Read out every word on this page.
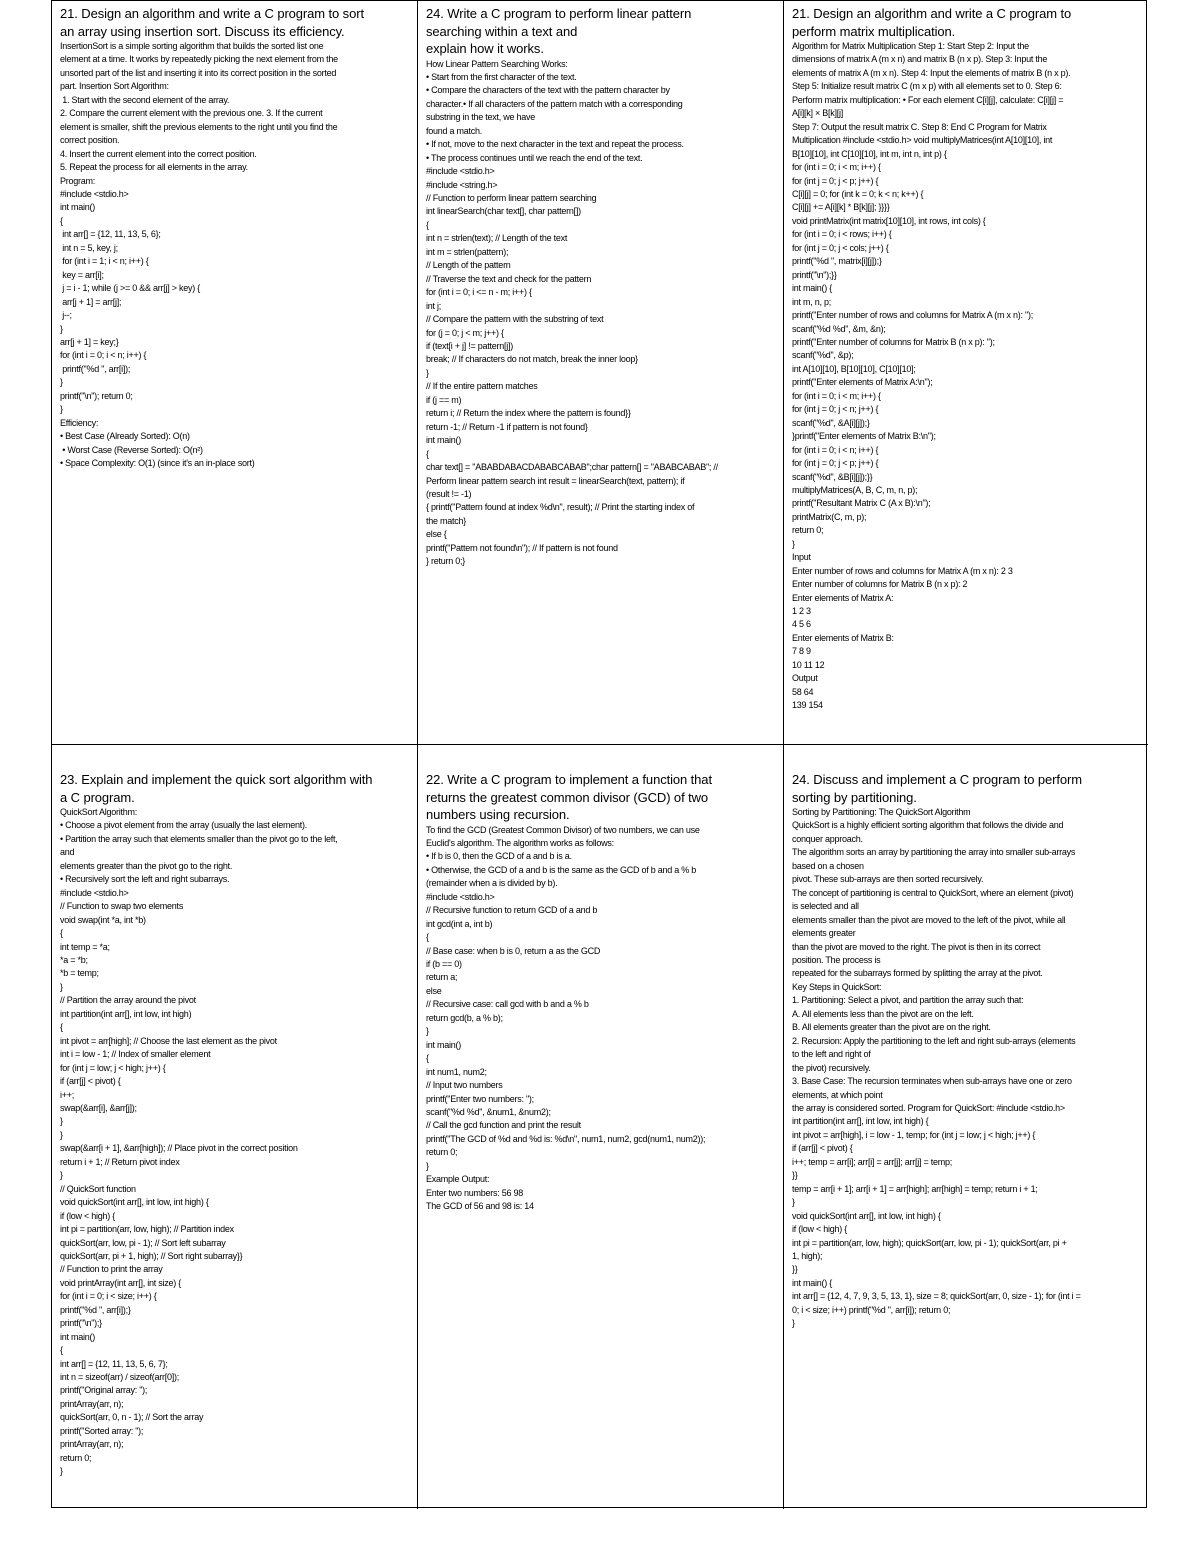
21. Design an algorithm and write a C program to sort
an array using insertion sort. Discuss its efficiency.
InsertionSort is a simple sorting algorithm that builds the sorted list one
element at a time. It works by repeatedly picking the next element from the
unsorted part of the list and inserting it into its correct position in the sorted
part. Insertion Sort Algorithm:
1. Start with the second element of the array.
2. Compare the current element with the previous one. 3. If the current
element is smaller, shift the previous elements to the right until you find the
correct position.
4. Insert the current element into the correct position.
5. Repeat the process for all elements in the array.
Program:
#include <stdio.h>
int main()
{
int arr[] = {12, 11, 13, 5, 6};
int n = 5, key, j;
for (int i = 1; i < n; i++) {
key = arr[i];
j = i - 1; while (j >= 0 && arr[j] > key) {
arr[j + 1] = arr[j];
j--;
}
arr[j + 1] = key;}
for (int i = 0; i < n; i++) {
printf("%d ", arr[i]);
}
printf("\n"); return 0;
}
Efficiency:
• Best Case (Already Sorted): O(n)
• Worst Case (Reverse Sorted): O(n²)
• Space Complexity: O(1) (since it's an in-place sort)
24. Write a C program to perform linear pattern
searching within a text and
explain how it works.
How Linear Pattern Searching Works:
• Start from the first character of the text.
• Compare the characters of the text with the pattern character by
character.• If all characters of the pattern match with a corresponding
substring in the text, we have
found a match.
• If not, move to the next character in the text and repeat the process.
• The process continues until we reach the end of the text.
#include <stdio.h>
#include <string.h>
// Function to perform linear pattern searching
int linearSearch(char text[], char pattern[])
{
int n = strlen(text); // Length of the text
int m = strlen(pattern);
// Length of the pattern
// Traverse the text and check for the pattern
for (int i = 0; i <= n - m; i++) {
int j;
// Compare the pattern with the substring of text
for (j = 0; j < m; j++) {
if (text[i + j] != pattern[j])
break; // If characters do not match, break the inner loop}
}
// If the entire pattern matches
if (j == m)
return i; // Return the index where the pattern is found}}
return -1; // Return -1 if pattern is not found}
int main()
{
char text[] = "ABABDABACDABABCABAB";char pattern[] = "ABABCABAB"; //
Perform linear pattern search int result = linearSearch(text, pattern); if
(result != -1)
{ printf("Pattern found at index %d\n", result); // Print the starting index of
the match}
else {
printf("Pattern not found\n"); // If pattern is not found
} return 0;}
21. Design an algorithm and write a C program to
perform matrix multiplication.
Algorithm for Matrix Multiplication Step 1: Start Step 2: Input the
dimensions of matrix A (m x n) and matrix B (n x p). Step 3: Input the
elements of matrix A (m x n). Step 4: Input the elements of matrix B (n x p).
Step 5: Initialize result matrix C (m x p) with all elements set to 0. Step 6:
Perform matrix multiplication: • For each element C[i][j], calculate: C[i][j] =
A[i][k] × B[k][j]
Step 7: Output the result matrix C. Step 8: End C Program for Matrix
Multiplication #include <stdio.h> void multiplyMatrices(int A[10][10], int
B[10][10], int C[10][10], int m, int n, int p) {
for (int i = 0; i < m; i++) {
for (int j = 0; j < p; j++) {
C[i][j] = 0; for (int k = 0; k < n; k++) {
C[i][j] += A[i][k] * B[k][j]; }}}}
void printMatrix(int matrix[10][10], int rows, int cols) {
for (int i = 0; i < rows; i++) {
for (int j = 0; j < cols; j++) {
printf("%d ", matrix[i][j]);}
printf("\n");}}
int main() {
int m, n, p;
printf("Enter number of rows and columns for Matrix A (m x n): ");
scanf("%d %d", &m, &n);
printf("Enter number of columns for Matrix B (n x p): ");
scanf("%d", &p);
int A[10][10], B[10][10], C[10][10];
printf("Enter elements of Matrix A:\n");
for (int i = 0; i < m; i++) {
for (int j = 0; j < n; j++) {
scanf("%d", &A[i][j]);}
}printf("Enter elements of Matrix B:\n");
for (int i = 0; i < n; i++) {
for (int j = 0; j < p; j++) {
scanf("%d", &B[i][j]);}}
multiplyMatrices(A, B, C, m, n, p);
printf("Resultant Matrix C (A x B):\n");
printMatrix(C, m, p);
return 0;
}
Input
Enter number of rows and columns for Matrix A (m x n): 2 3
Enter number of columns for Matrix B (n x p): 2
Enter elements of Matrix A:
1 2 3
4 5 6
Enter elements of Matrix B:
7 8 9
10 11 12
Output
58 64
139 154
23. Explain and implement the quick sort algorithm with
a C program.
QuickSort Algorithm:
• Choose a pivot element from the array (usually the last element).
• Partition the array such that elements smaller than the pivot go to the left,
and
elements greater than the pivot go to the right.
• Recursively sort the left and right subarrays.
#include <stdio.h>
// Function to swap two elements
void swap(int *a, int *b)
{
int temp = *a;
*a = *b;
*b = temp;
}
// Partition the array around the pivot
int partition(int arr[], int low, int high)
{
int pivot = arr[high]; // Choose the last element as the pivot
int i = low - 1; // Index of smaller element
for (int j = low; j < high; j++) {
if (arr[j] < pivot) {
i++;
swap(&arr[i], &arr[j]);
}
}
swap(&arr[i + 1], &arr[high]); // Place pivot in the correct position
return i + 1; // Return pivot index
}
// QuickSort function
void quickSort(int arr[], int low, int high) {
if (low < high) {
int pi = partition(arr, low, high); // Partition index
quickSort(arr, low, pi - 1); // Sort left subarray
quickSort(arr, pi + 1, high); // Sort right subarray}}
// Function to print the array
void printArray(int arr[], int size) {
for (int i = 0; i < size; i++) {
printf("%d ", arr[i]);}
printf("\n");}
int main()
{
int arr[] = {12, 11, 13, 5, 6, 7};
int n = sizeof(arr) / sizeof(arr[0]);
printf("Original array: ");
printArray(arr, n);
quickSort(arr, 0, n - 1); // Sort the array
printf("Sorted array: ");
printArray(arr, n);
return 0;
}
22. Write a C program to implement a function that
returns the greatest common divisor (GCD) of two
numbers using recursion.
To find the GCD (Greatest Common Divisor) of two numbers, we can use
Euclid's algorithm. The algorithm works as follows:
• If b is 0, then the GCD of a and b is a.
• Otherwise, the GCD of a and b is the same as the GCD of b and a % b
(remainder when a is divided by b).
#include <stdio.h>
// Recursive function to return GCD of a and b
int gcd(int a, int b)
{
// Base case: when b is 0, return a as the GCD
if (b == 0)
return a;
else
// Recursive case: call gcd with b and a % b
return gcd(b, a % b);
}
int main()
{
int num1, num2;
// Input two numbers
printf("Enter two numbers: ");
scanf("%d %d", &num1, &num2);
// Call the gcd function and print the result
printf("The GCD of %d and %d is: %d\n", num1, num2, gcd(num1, num2));
return 0;
}
Example Output:
Enter two numbers: 56 98
The GCD of 56 and 98 is: 14
24. Discuss and implement a C program to perform
sorting by partitioning.
Sorting by Partitioning: The QuickSort Algorithm
QuickSort is a highly efficient sorting algorithm that follows the divide and
conquer approach.
The algorithm sorts an array by partitioning the array into smaller sub-arrays
based on a chosen
pivot. These sub-arrays are then sorted recursively.
The concept of partitioning is central to QuickSort, where an element (pivot)
is selected and all
elements smaller than the pivot are moved to the left of the pivot, while all
elements greater
than the pivot are moved to the right. The pivot is then in its correct
position. The process is
repeated for the subarrays formed by splitting the array at the pivot.
Key Steps in QuickSort:
1. Partitioning: Select a pivot, and partition the array such that:
A. All elements less than the pivot are on the left.
B. All elements greater than the pivot are on the right.
2. Recursion: Apply the partitioning to the left and right sub-arrays (elements
to the left and right of
the pivot) recursively.
3. Base Case: The recursion terminates when sub-arrays have one or zero
elements, at which point
the array is considered sorted. Program for QuickSort: #include <stdio.h>
int partition(int arr[], int low, int high) {
int pivot = arr[high], i = low - 1, temp; for (int j = low; j < high; j++) {
if (arr[j] < pivot) {
i++; temp = arr[i]; arr[i] = arr[j]; arr[j] = temp;
}}
temp = arr[i + 1]; arr[i + 1] = arr[high]; arr[high] = temp; return i + 1;
}
void quickSort(int arr[], int low, int high) {
if (low < high) {
int pi = partition(arr, low, high); quickSort(arr, low, pi - 1); quickSort(arr, pi +
1, high);
}}
int main() {
int arr[] = {12, 4, 7, 9, 3, 5, 13, 1}, size = 8; quickSort(arr, 0, size - 1); for (int i =
0; i < size; i++) printf("%d ", arr[i]); return 0;
}
